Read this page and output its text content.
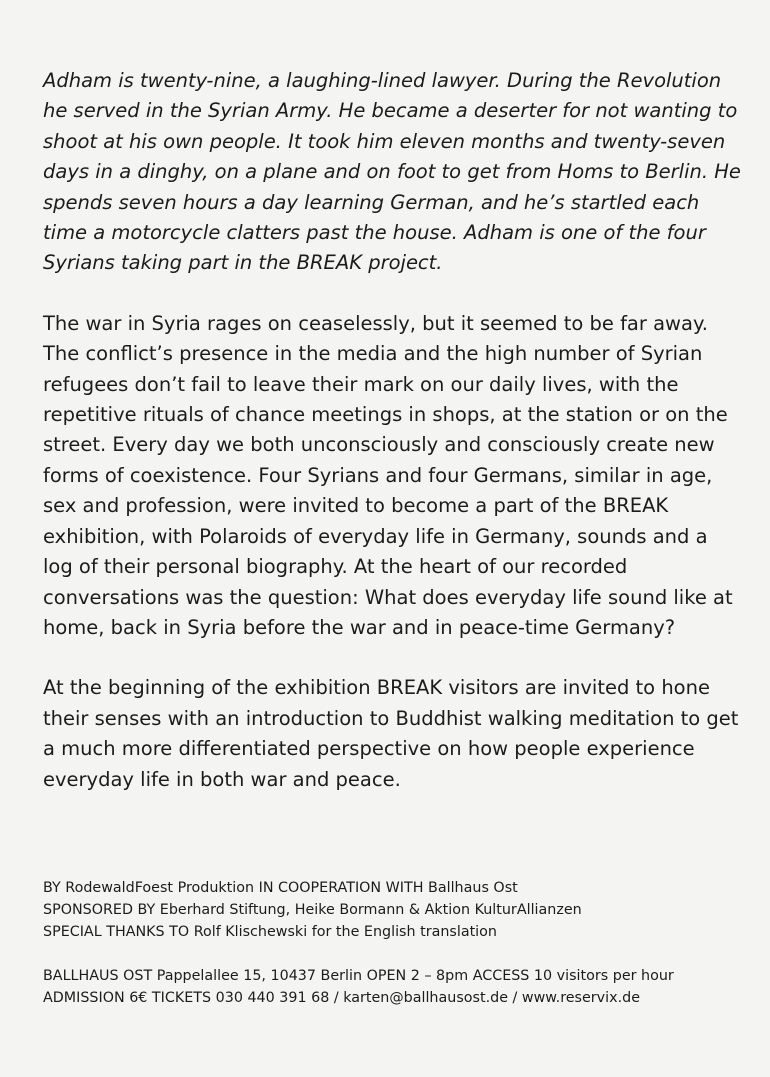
Adham is twenty-nine, a laughing-lined lawyer. During the Revolution he served in the Syrian Army. He became a deserter for not wanting to shoot at his own people. It took him eleven months and twenty-seven days in a dinghy, on a plane and on foot to get from Homs to Berlin. He spends seven hours a day learning German, and he’s startled each time a motorcycle clatters past the house. Adham is one of the four Syrians taking part in the BREAK project.

The war in Syria rages on ceaselessly, but it seemed to be far away. The conflict’s presence in the media and the high number of Syrian refugees don’t fail to leave their mark on our daily lives, with the repetitive rituals of chance meetings in shops, at the station or on the street. Every day we both unconsciously and consciously create new forms of coexistence. Four Syrians and four Germans, similar in age, sex and profession, were invited to become a part of the BREAK exhibition, with Polaroids of everyday life in Germany, sounds and a log of their personal biography. At the heart of our recorded conversations was the question: What does everyday life sound like at home, back in Syria before the war and in peace-time Germany?

At the beginning of the exhibition BREAK visitors are invited to hone their senses with an introduction to Buddhist walking meditation to get a much more differentiated perspective on how people experience everyday life in both war and peace.

BY RodewaldFoest Produktion IN COOPERATION WITH Ballhaus Ost
SPONSORED BY Eberhard Stiftung, Heike Bormann & Aktion KulturAllianzen
SPECIAL THANKS TO Rolf Klischewski for the English translation
BALLHAUS OST Pappelallee 15, 10437 Berlin OPEN 2 – 8pm ACCESS 10 visitors per hour
ADMISSION 6€ TICKETS 030 440 391 68 / karten@ballhausost.de / www.reservix.de
